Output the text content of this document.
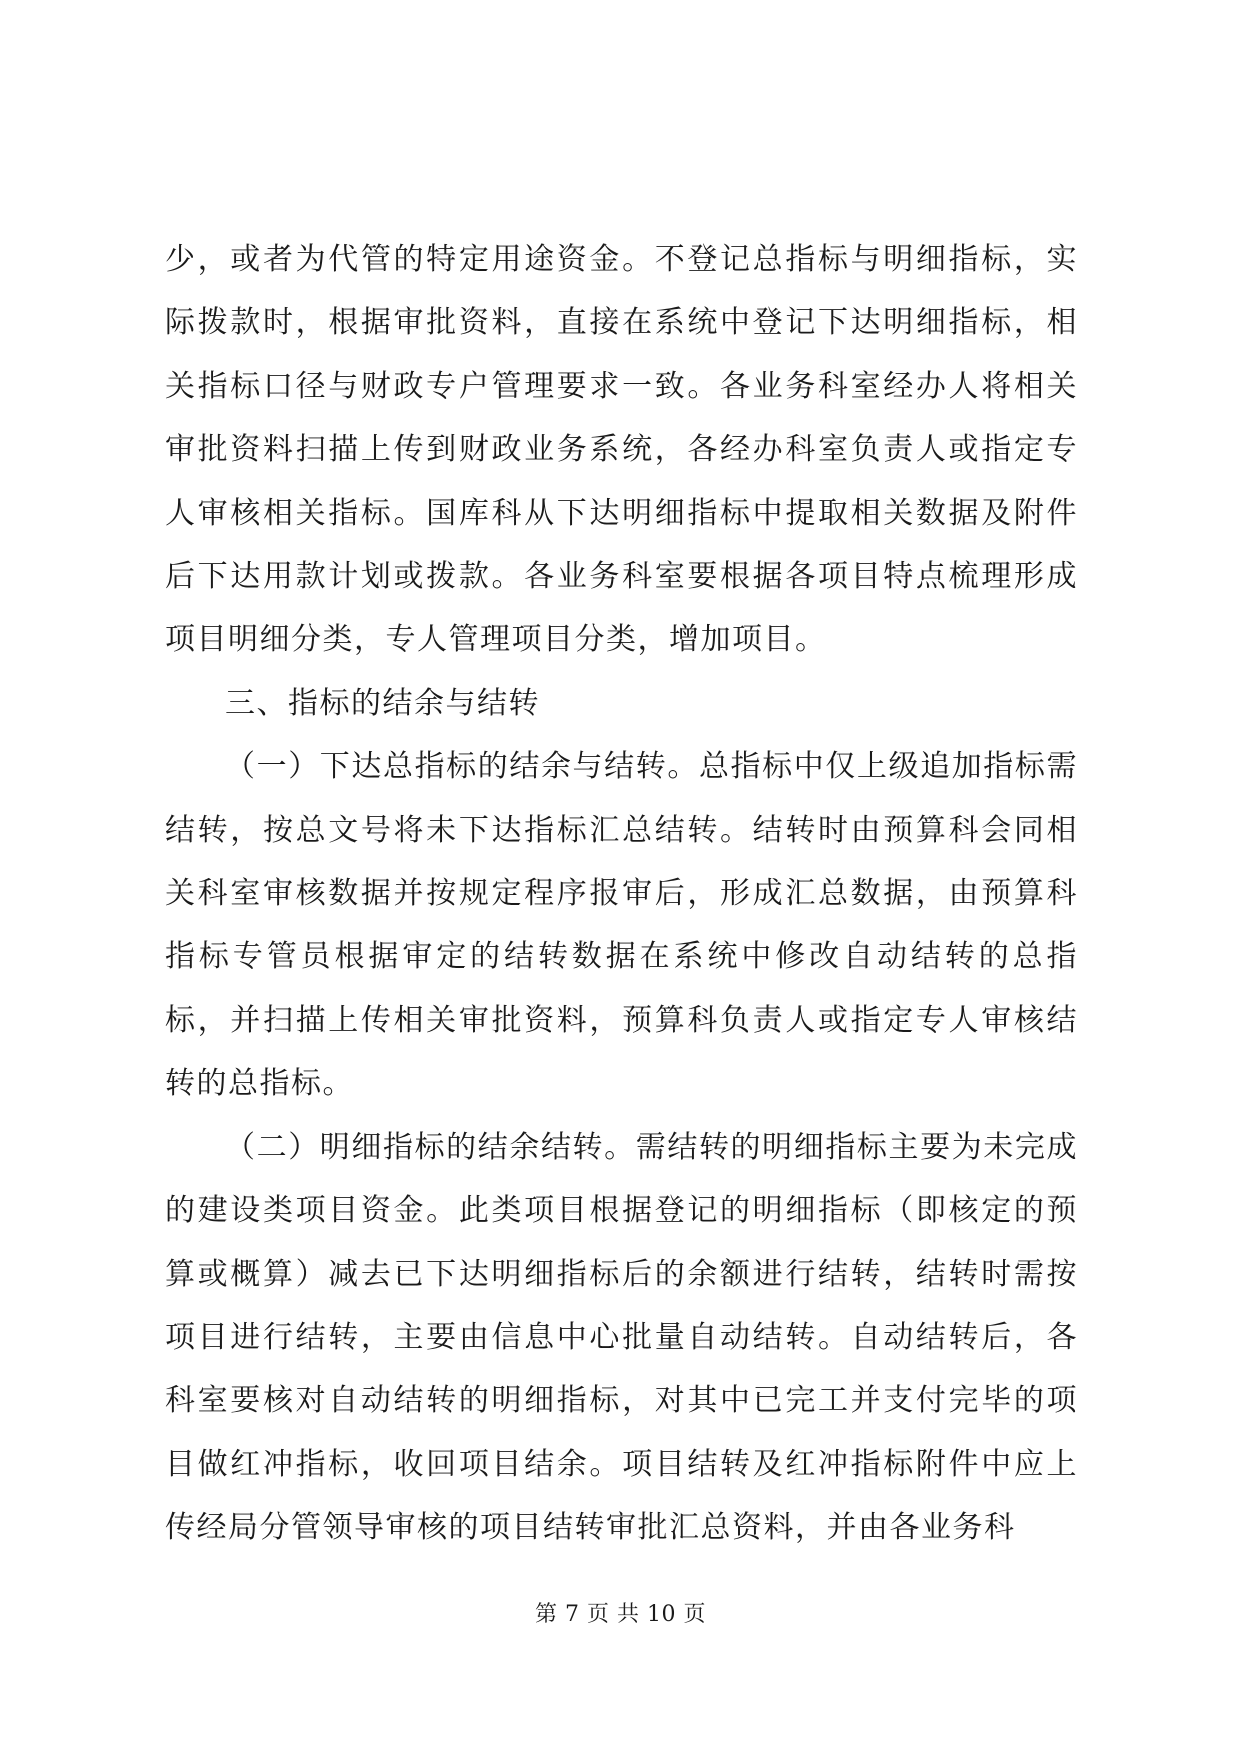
少，或者为代管的特定用途资金。不登记总指标与明细指标，实际拨款时，根据审批资料，直接在系统中登记下达明细指标，相关指标口径与财政专户管理要求一致。各业务科室经办人将相关审批资料扫描上传到财政业务系统，各经办科室负责人或指定专人审核相关指标。国库科从下达明细指标中提取相关数据及附件后下达用款计划或拨款。各业务科室要根据各项目特点梳理形成项目明细分类，专人管理项目分类，增加项目。

三、指标的结余与结转

（一）下达总指标的结余与结转。总指标中仅上级追加指标需结转，按总文号将未下达指标汇总结转。结转时由预算科会同相关科室审核数据并按规定程序报审后，形成汇总数据，由预算科指标专管员根据审定的结转数据在系统中修改自动结转的总指标，并扫描上传相关审批资料，预算科负责人或指定专人审核结转的总指标。

（二）明细指标的结余结转。需结转的明细指标主要为未完成的建设类项目资金。此类项目根据登记的明细指标（即核定的预算或概算）减去已下达明细指标后的余额进行结转，结转时需按项目进行结转，主要由信息中心批量自动结转。自动结转后，各科室要核对自动结转的明细指标，对其中已完工并支付完毕的项目做红冲指标，收回项目结余。项目结转及红冲指标附件中应上传经局分管领导审核的项目结转审批汇总资料，并由各业务科

第 7 页 共 10 页
